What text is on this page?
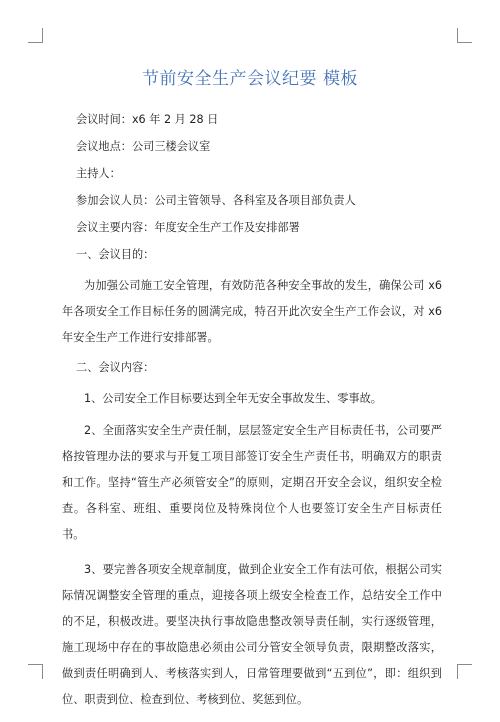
节前安全生产会议纪要 模板
会议时间：x6 年 2 月 28 日
会议地点：公司三楼会议室
主持人：
参加会议人员：公司主管领导、各科室及各项目部负责人
会议主要内容：年度安全生产工作及安排部署
一、会议目的：
为加强公司施工安全管理，有效防范各种安全事故的发生，确保公司 x6 年各项安全工作目标任务的圆满完成，特召开此次安全生产工作会议，对 x6 年安全生产工作进行安排部署。
二、会议内容：
1、公司安全工作目标要达到全年无安全事故发生、零事故。
2、全面落实安全生产责任制，层层签定安全生产目标责任书，公司要严格按管理办法的要求与开复工项目部签订安全生产责任书，明确双方的职责和工作。坚持“管生产必须管安全”的原则，定期召开安全会议，组织安全检查。各科室、班组、重要岗位及特殊岗位个人也要签订安全生产目标责任书。
3、要完善各项安全规章制度，做到企业安全工作有法可依，根据公司实际情况调整安全管理的重点，迎接各项上级安全检查工作，总结安全工作中的不足，积极改进。要坚决执行事故隐患整改领导责任制，实行逐级管理，施工现场中存在的事故隐患必须由公司分管安全领导负责，限期整改落实，做到责任明确到人、考核落实到人，日常管理要做到“五到位”，即：组织到位、职责到位、检查到位、考核到位、奖惩到位。
